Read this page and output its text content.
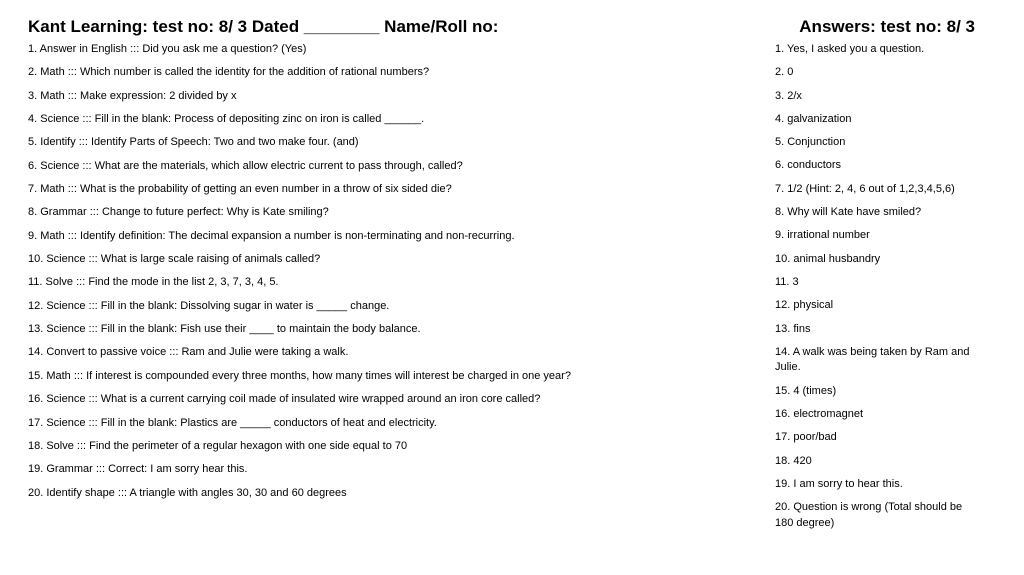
Kant Learning: test no: 8/ 3 Dated ________ Name/Roll no:	Answers: test no: 8/ 3
1. Answer in English ::: Did you ask me a question? (Yes)
2. Math ::: Which number is called the identity for the addition of rational numbers?
3. Math ::: Make expression: 2 divided by x
4. Science ::: Fill in the blank: Process of depositing zinc on iron is called ______.
5. Identify ::: Identify Parts of Speech: Two and two make four. (and)
6. Science ::: What are the materials, which allow electric current to pass through, called?
7. Math ::: What is the probability of getting an even number in a throw of six sided die?
8. Grammar ::: Change to future perfect: Why is Kate smiling?
9. Math ::: Identify definition: The decimal expansion a number is non-terminating and non-recurring.
10. Science ::: What is large scale raising of animals called?
11. Solve ::: Find the mode in the list 2, 3, 7, 3, 4, 5.
12. Science ::: Fill in the blank: Dissolving sugar in water is _____ change.
13. Science ::: Fill in the blank: Fish use their ____ to maintain the body balance.
14. Convert to passive voice ::: Ram and Julie were taking a walk.
15. Math ::: If interest is compounded every three months, how many times will interest be charged in one year?
16. Science ::: What is a current carrying coil made of insulated wire wrapped around an iron core called?
17. Science ::: Fill in the blank: Plastics are _____ conductors of heat and electricity.
18. Solve ::: Find the perimeter of a regular hexagon with one side equal to 70
19. Grammar ::: Correct: I am sorry hear this.
20. Identify shape ::: A triangle with angles 30, 30 and 60 degrees
1. Yes, I asked you a question.
2. 0
3. 2/x
4. galvanization
5. Conjunction
6. conductors
7. 1/2 (Hint: 2, 4, 6 out of 1,2,3,4,5,6)
8. Why will Kate have smiled?
9. irrational number
10. animal husbandry
11. 3
12. physical
13. fins
14. A walk was being taken by Ram and Julie.
15. 4 (times)
16. electromagnet
17. poor/bad
18. 420
19. I am sorry to hear this.
20. Question is wrong (Total should be 180 degree)
